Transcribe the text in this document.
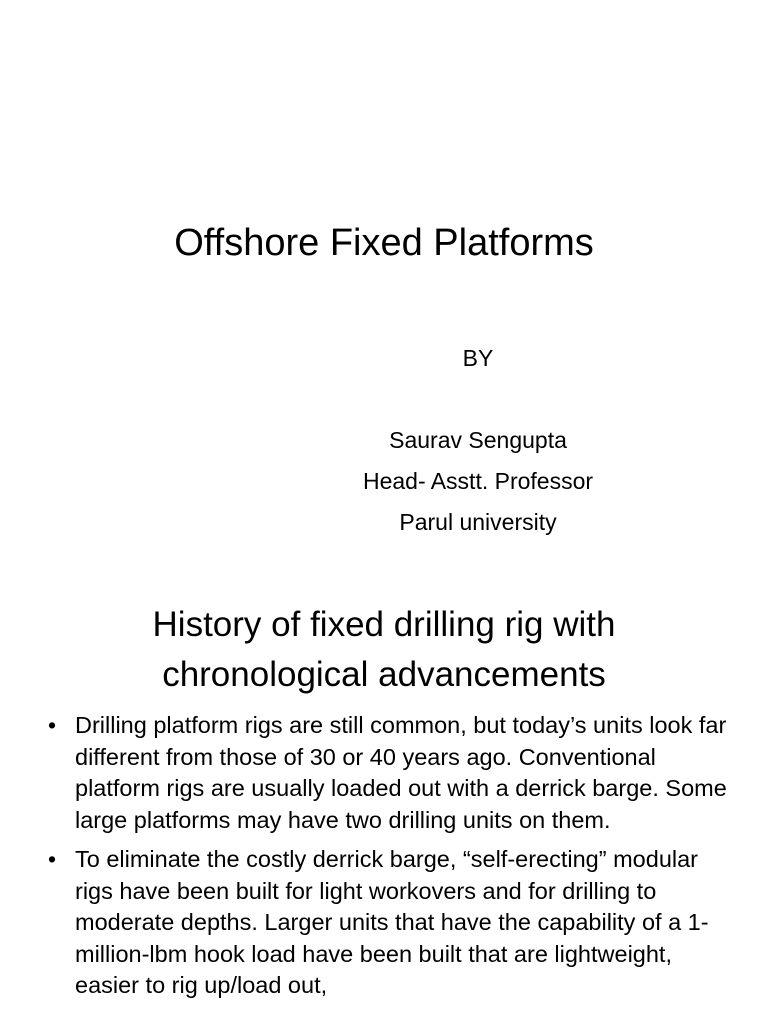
Offshore Fixed Platforms
BY
Saurav Sengupta
Head- Asstt. Professor
Parul university
History of fixed drilling rig with
chronological advancements
• Drilling platform rigs are still common, but today’s units look far different from those of 30 or 40 years ago. Conventional platform rigs are usually loaded out with a derrick barge. Some large platforms may have two drilling units on them.
• To eliminate the costly derrick barge, “self-erecting” modular rigs have been built for light workovers and for drilling to moderate depths. Larger units that have the capability of a 1-million-lbm hook load have been built that are lightweight, easier to rig up/load out,
